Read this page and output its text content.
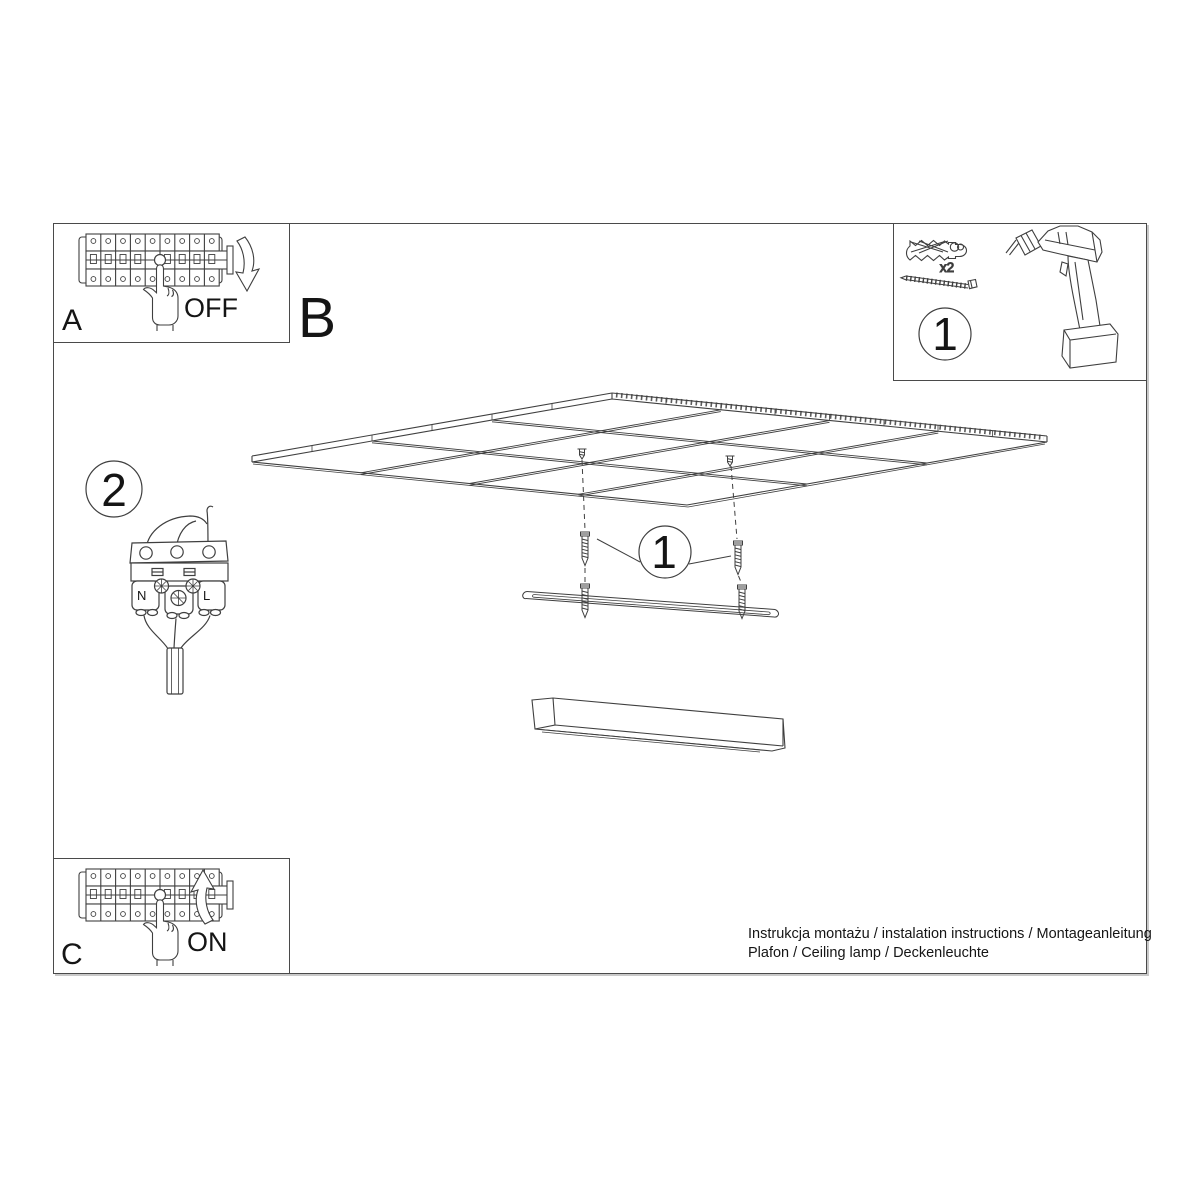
A	OFF B
C	ON
x2
1
2
N	L
1
Instrukcja montażu / instalation instructions / Montageanleitung
Plafon / Ceiling lamp / Deckenleuchte
